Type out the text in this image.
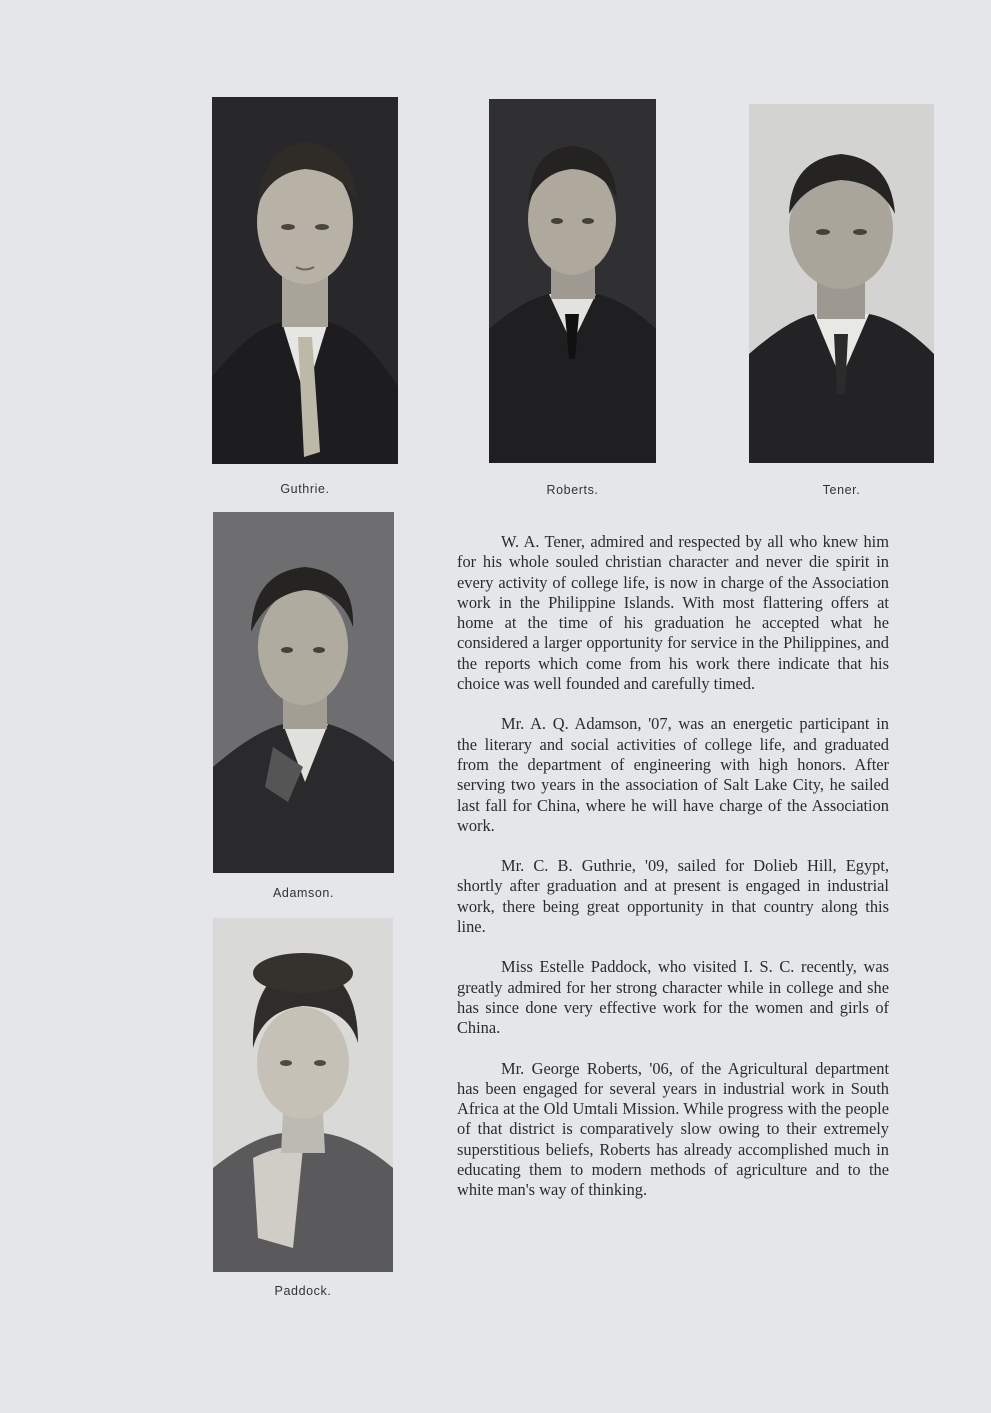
Guthrie.	Roberts.	Tener.
Adamson.
Paddock.

W. A. Tener, admired and respected by all who knew him for his whole souled christian character and never die spirit in every activity of college life, is now in charge of the Association work in the Philippine Islands. With most flattering offers at home at the time of his graduation he accepted what he considered a larger opportunity for service in the Philippines, and the reports which come from his work there indicate that his choice was well founded and carefully timed.

Mr. A. Q. Adamson, '07, was an energetic participant in the literary and social activities of college life, and graduated from the department of engineering with high honors. After serving two years in the association of Salt Lake City, he sailed last fall for China, where he will have charge of the Association work.

Mr. C. B. Guthrie, '09, sailed for Dolieb Hill, Egypt, shortly after graduation and at present is engaged in industrial work, there being great opportunity in that country along this line.

Miss Estelle Paddock, who visited I. S. C. recently, was greatly admired for her strong character while in college and she has since done very effective work for the women and girls of China.

Mr. George Roberts, '06, of the Agricultural department has been engaged for several years in industrial work in South Africa at the Old Umtali Mission. While progress with the people of that district is comparatively slow owing to their extremely superstitious beliefs, Roberts has already accomplished much in educating them to modern methods of agriculture and to the white man's way of thinking.
